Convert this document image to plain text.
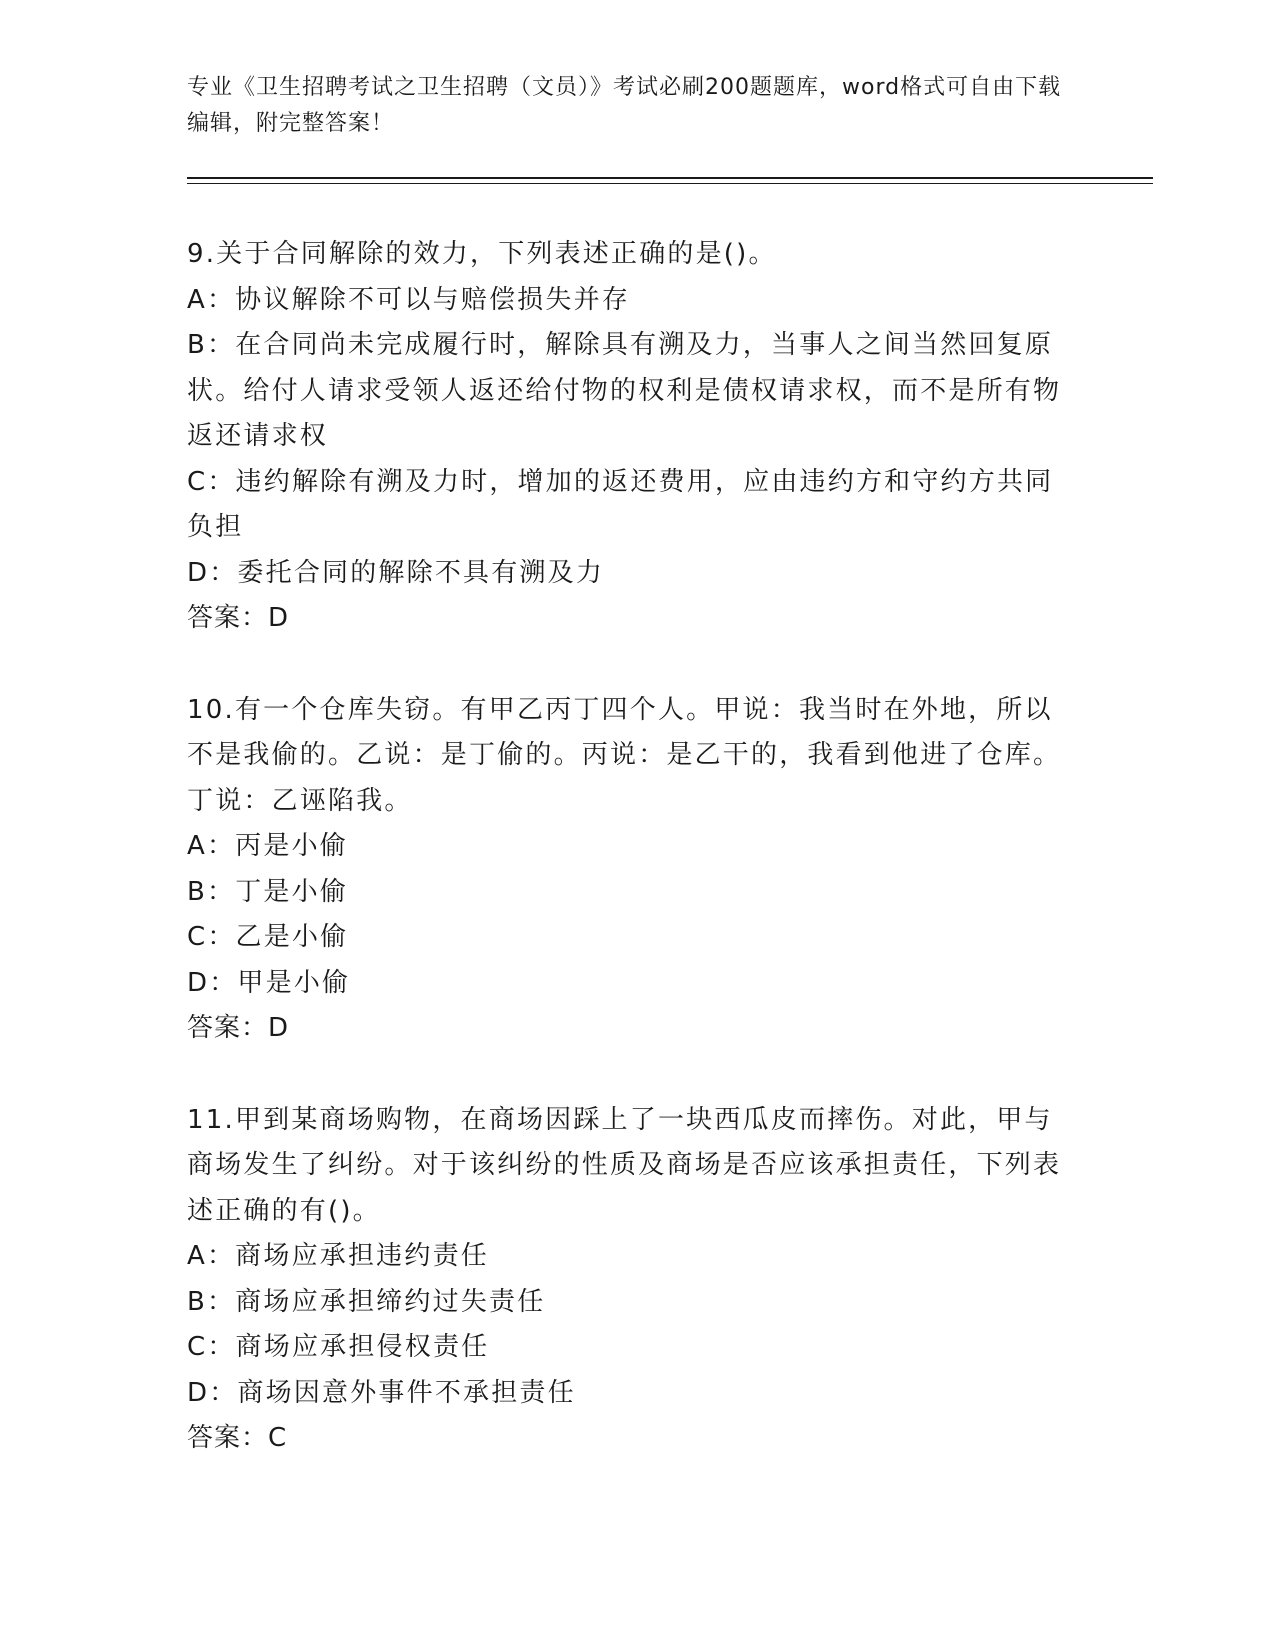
专业《卫生招聘考试之卫生招聘（文员）》考试必刷200题题库，word格式可自由下载编辑，附完整答案！
9.关于合同解除的效力，下列表述正确的是()。
A：协议解除不可以与赔偿损失并存
B：在合同尚未完成履行时，解除具有溯及力，当事人之间当然回复原状。给付人请求受领人返还给付物的权利是债权请求权，而不是所有物返还请求权
C：违约解除有溯及力时，增加的返还费用，应由违约方和守约方共同负担
D：委托合同的解除不具有溯及力
答案：D
10.有一个仓库失窃。有甲乙丙丁四个人。甲说：我当时在外地，所以不是我偷的。乙说：是丁偷的。丙说：是乙干的，我看到他进了仓库。丁说：乙诬陷我。
A：丙是小偷
B：丁是小偷
C：乙是小偷
D：甲是小偷
答案：D
11.甲到某商场购物，在商场因踩上了一块西瓜皮而摔伤。对此，甲与商场发生了纠纷。对于该纠纷的性质及商场是否应该承担责任，下列表述正确的有()。
A：商场应承担违约责任
B：商场应承担缔约过失责任
C：商场应承担侵权责任
D：商场因意外事件不承担责任
答案：C
